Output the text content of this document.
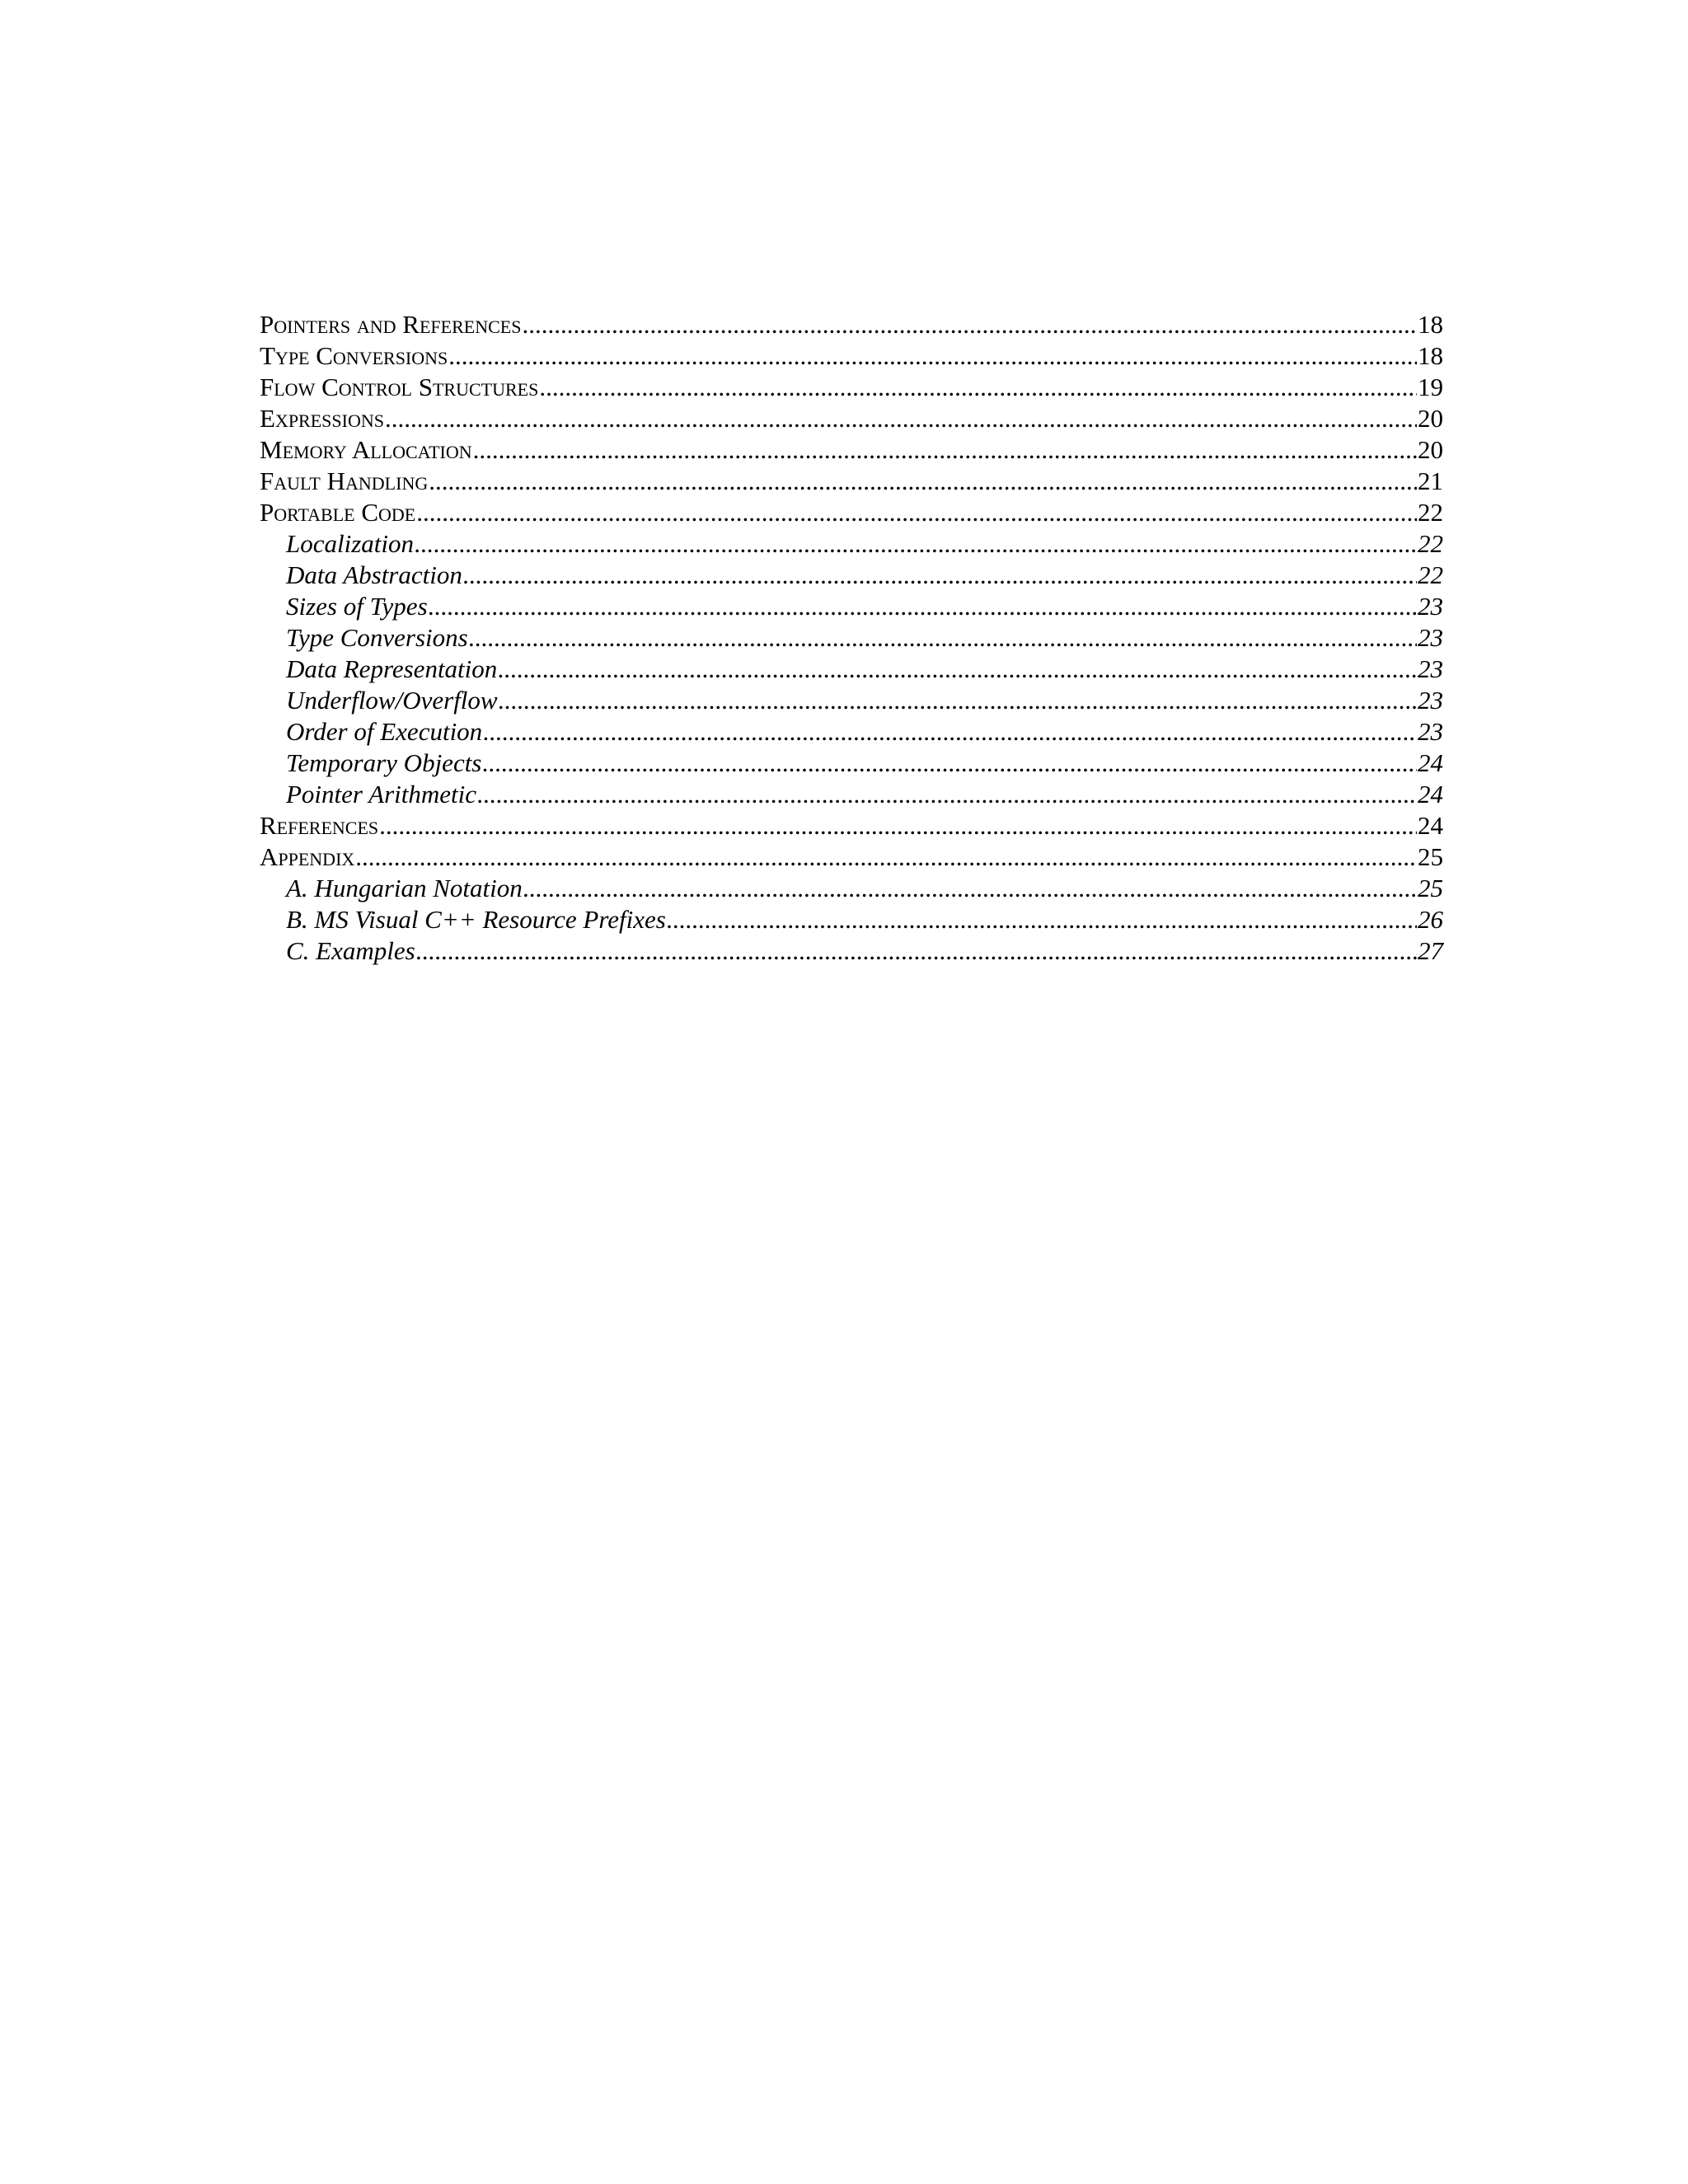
Pointers and References .....	18
Type Conversions .....	18
Flow Control Structures .....	19
Expressions .....	20
Memory Allocation .....	20
Fault Handling .....	21
Portable Code .....	22
Localization .....	22
Data Abstraction .....	22
Sizes of Types .....	23
Type Conversions .....	23
Data Representation .....	23
Underflow/Overflow .....	23
Order of Execution .....	23
Temporary Objects .....	24
Pointer Arithmetic .....	24
References .....	24
Appendix .....	25
A. Hungarian Notation .....	25
B. MS Visual C++ Resource Prefixes .....	26
C. Examples .....	27
